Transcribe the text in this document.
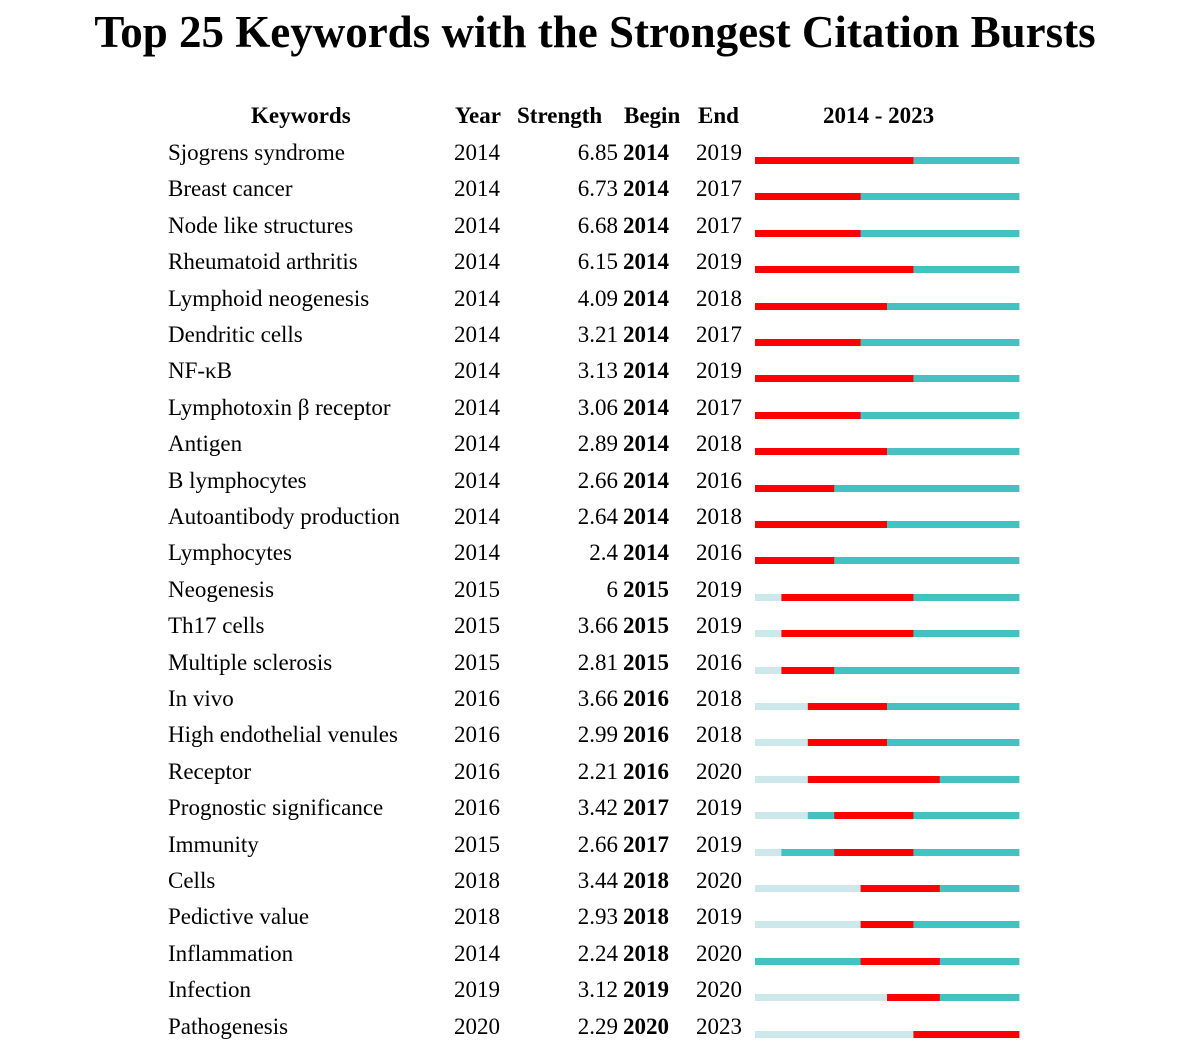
Top 25 Keywords with the Strongest Citation Bursts
Keywords	Year Strength Begin End	2014 - 2023
Sjogrens syndrome	2014	6.85 2014 2019
Breast cancer	2014	6.73 2014 2017
Node like structures	2014	6.68 2014 2017
Rheumatoid arthritis	2014	6.15 2014 2019
Lymphoid neogenesis	2014	4.09 2014 2018
Dendritic cells	2014	3.21 2014 2017
NF-κB	2014	3.13 2014 2019
Lymphotoxin β receptor	2014	3.06 2014 2017
Antigen	2014	2.89 2014 2018
B lymphocytes	2014	2.66 2014 2016
Autoantibody production 2014	2.64 2014 2018
Lymphocytes	2014	2.4 2014 2016
Neogenesis	2015	6 2015 2019
Th17 cells	2015	3.66 2015 2019
Multiple sclerosis	2015	2.81 2015 2016
In vivo	2016	3.66 2016 2018
High endothelial venules 2016	2.99 2016 2018
Receptor	2016	2.21 2016 2020
Prognostic significance	2016	3.42 2017 2019
Immunity	2015	2.66 2017 2019
Cells	2018	3.44 2018 2020
Pedictive value	2018	2.93 2018 2019
Inflammation	2014	2.24 2018 2020
Infection	2019	3.12 2019 2020
Pathogenesis	2020	2.29 2020 2023
